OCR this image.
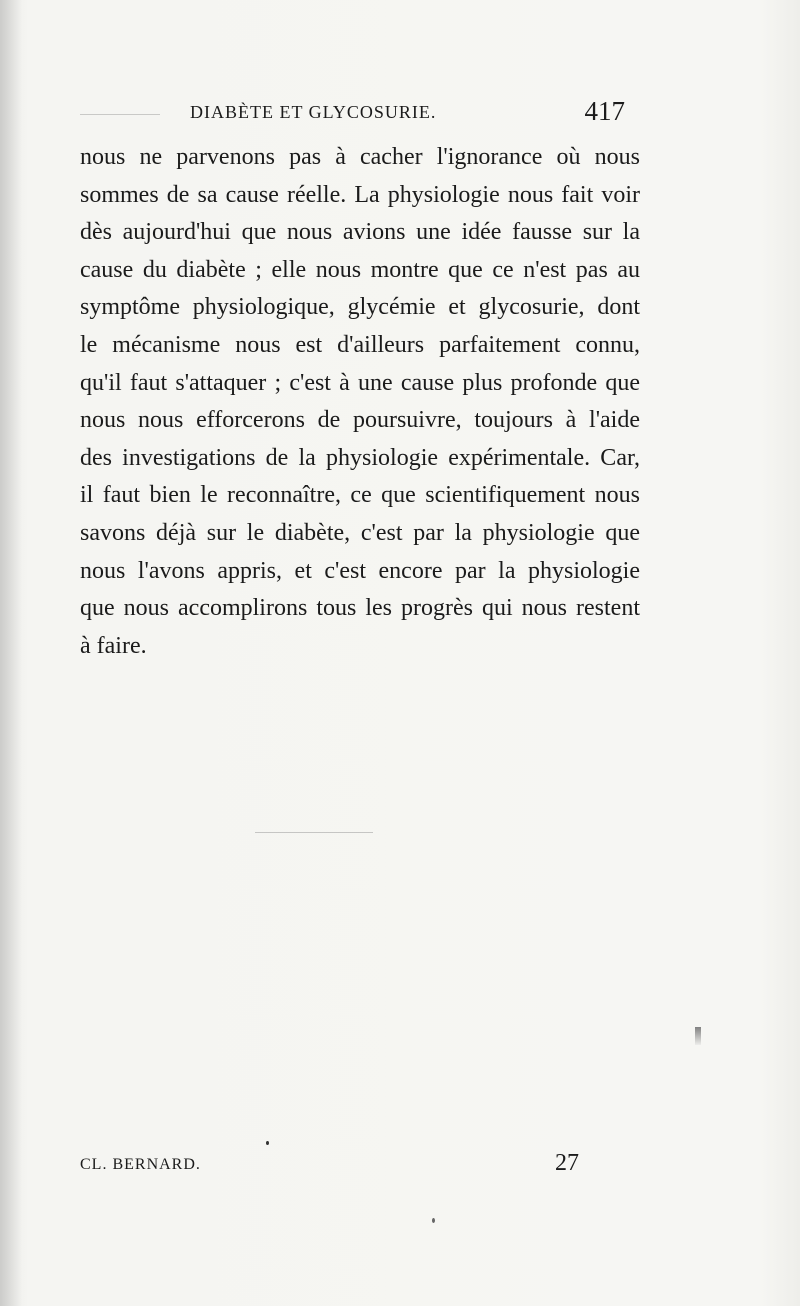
DIABÈTE ET GLYCOSURIE.	417
nous ne parvenons pas à cacher l'ignorance où nous
sommes de sa cause réelle. La physiologie nous fait voir
dès aujourd'hui que nous avions une idée fausse sur la
cause du diabète ; elle nous montre que ce n'est pas au
symptôme physiologique, glycémie et glycosurie, dont
le mécanisme nous est d'ailleurs parfaitement connu,
qu'il faut s'attaquer ; c'est à une cause plus profonde que
nous nous efforcerons de poursuivre, toujours à l'aide
des investigations de la physiologie expérimentale. Car,
il faut bien le reconnaître, ce que scientifiquement nous
savons déjà sur le diabète, c'est par la physiologie que
nous l'avons appris, et c'est encore par la physiologie
que nous accomplirons tous les progrès qui nous restent
à faire.
CL. BERNARD.	27
